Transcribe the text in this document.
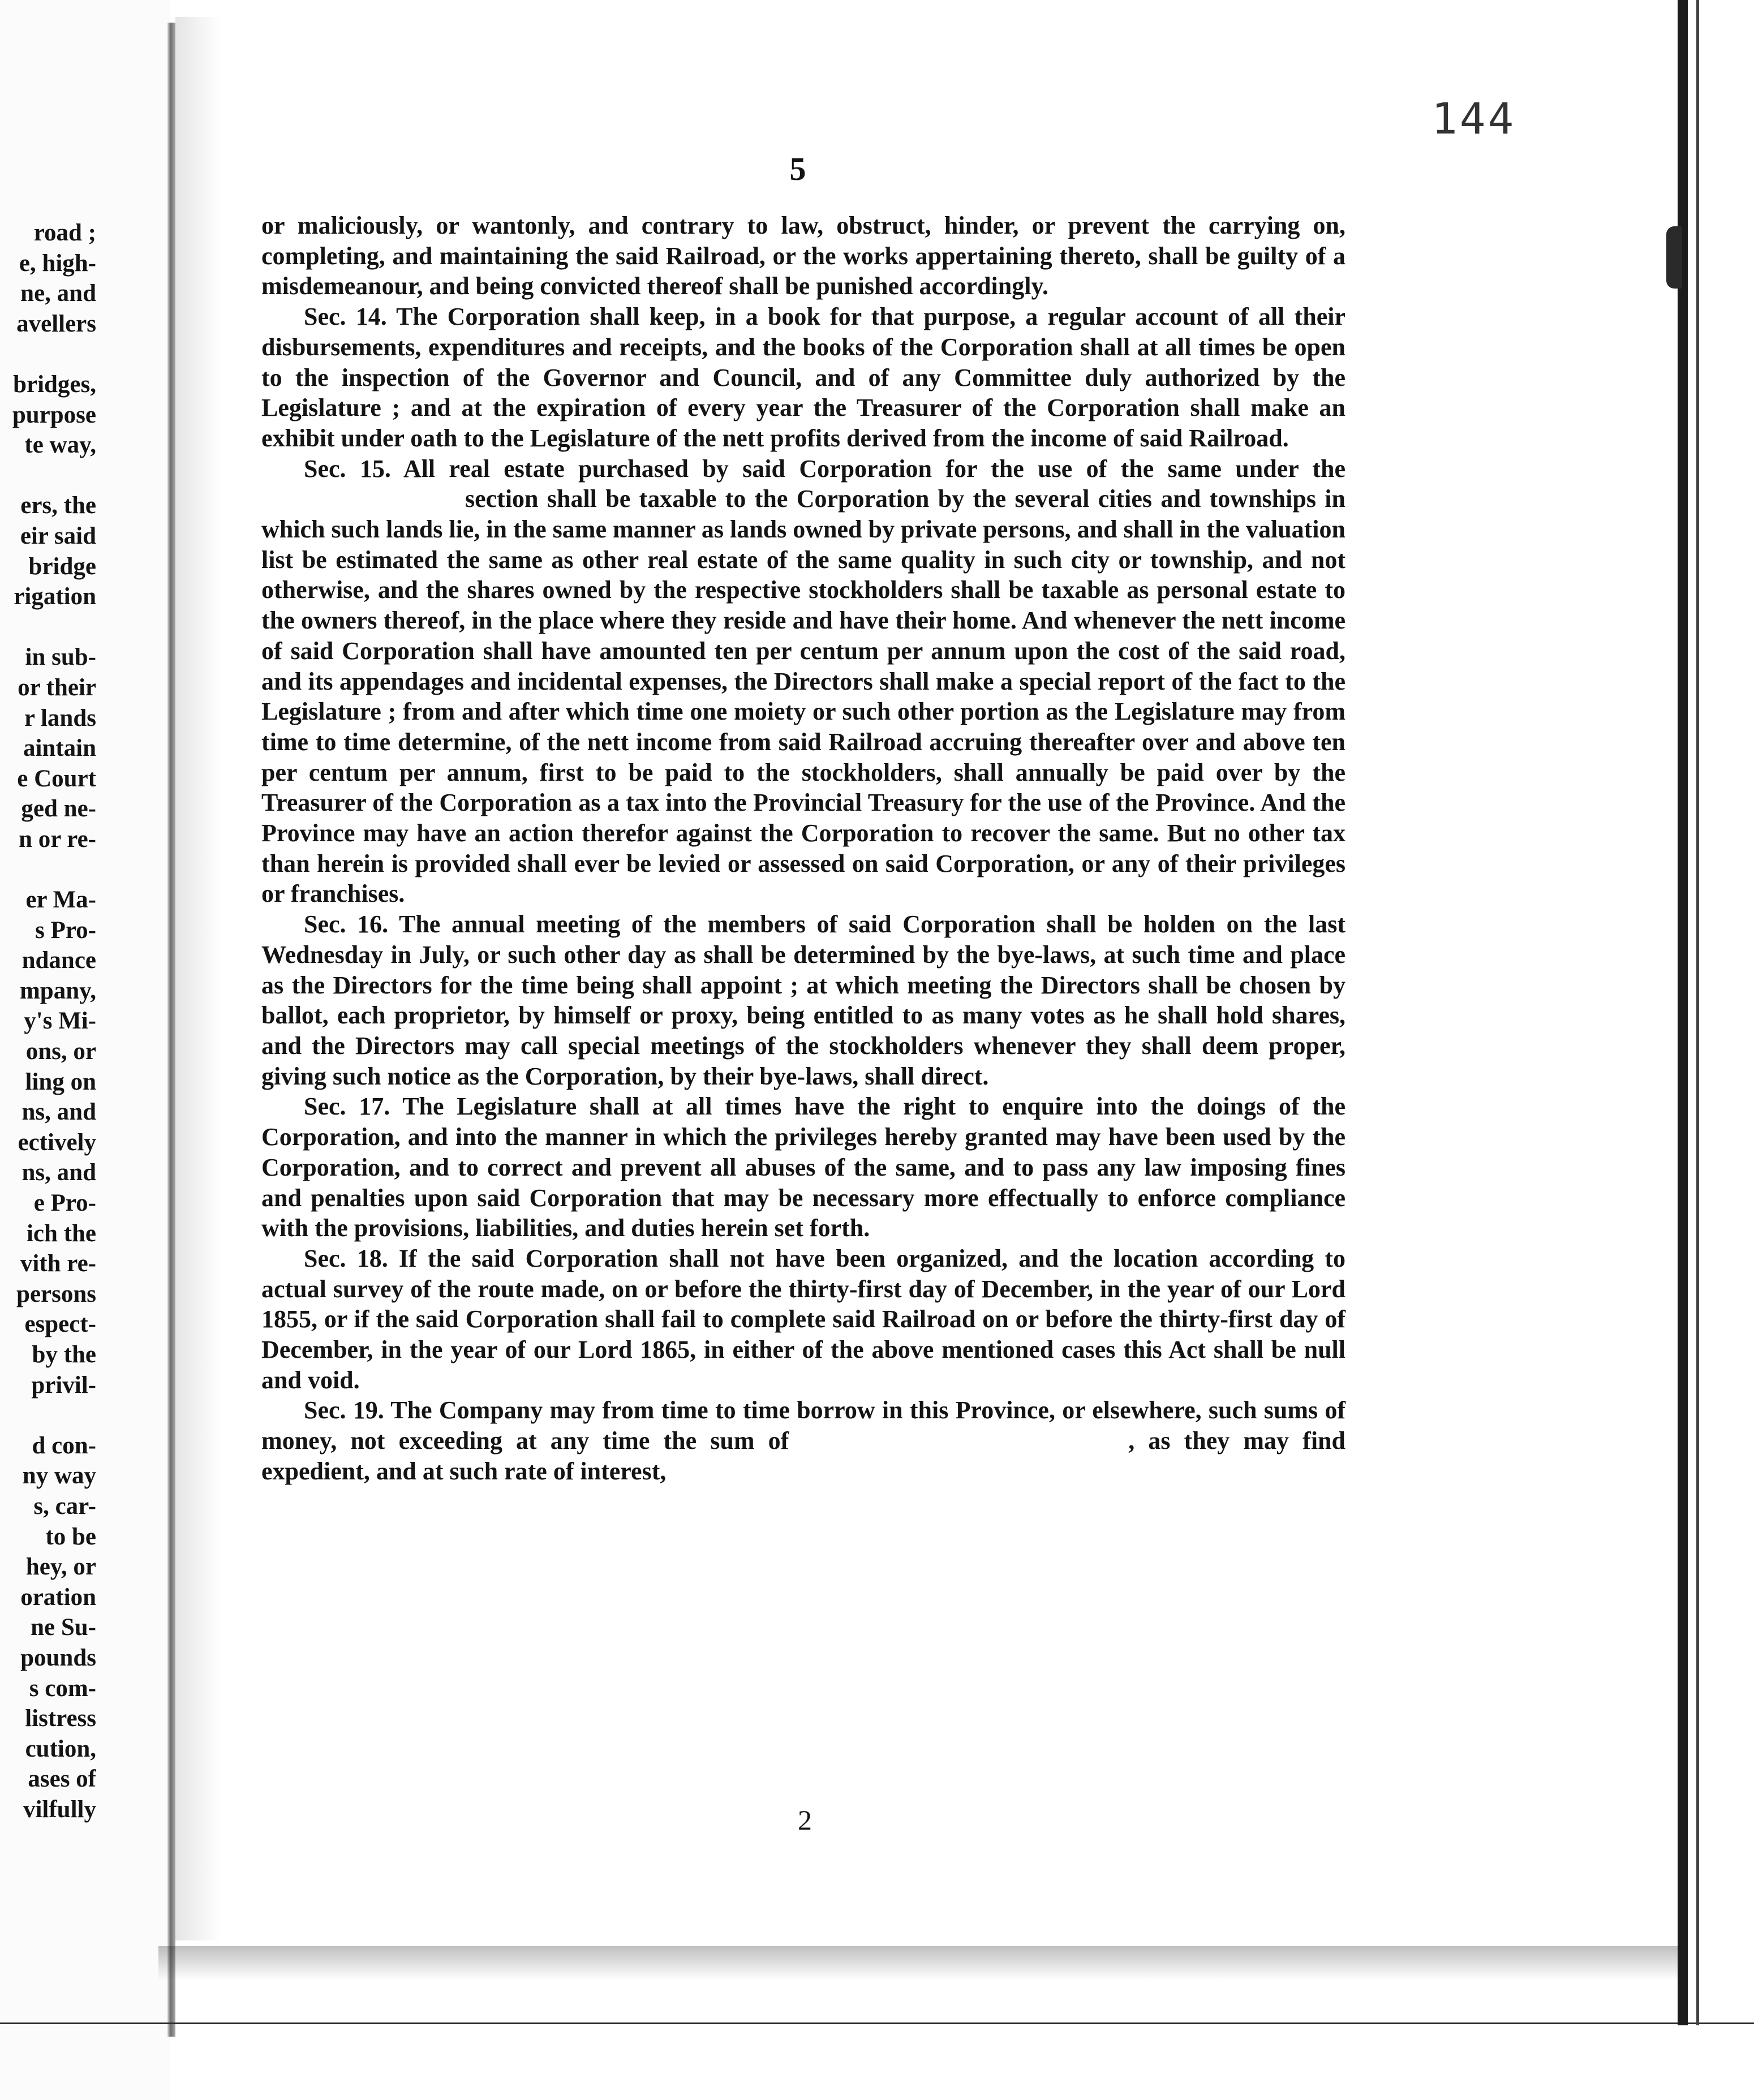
road ;
e, high-
ne, and
avellers
bridges,
purpose
te way,
ers, the
eir said
bridge
rigation
in sub-
or their
r lands
aintain
e Court
ged ne-
n or re-
er Ma-
s Pro-
ndance
mpany,
y's Mi-
ons, or
ling on
ns, and
ectively
ns, and
e Pro-
ich the
vith re-
persons
espect-
by the
privil-
d con-
ny way
s, car-
to be
hey, or
oration
ne Su-
pounds
s com-
listress
cution,
ases of
vilfully
144
5

or maliciously, or wantonly, and contrary to law, obstruct, hinder, or prevent the carrying on, completing, and maintaining the said Railroad, or the works appertaining thereto, shall be guilty of a misdemeanour, and being convicted thereof shall be punished accordingly.

Sec. 14. The Corporation shall keep, in a book for that purpose, a regular account of all their disbursements, expenditures and receipts, and the books of the Corporation shall at all times be open to the inspection of the Governor and Council, and of any Committee duly authorized by the Legislature ; and at the expiration of every year the Treasurer of the Corporation shall make an exhibit under oath to the Legislature of the nett profits derived from the income of said Railroad.

Sec. 15. All real estate purchased by said Corporation for the use of the same under thesection shall be taxable to the Corporation by the several cities and townships in which such lands lie, in the same manner as lands owned by private persons, and shall in the valuation list be estimated the same as other real estate of the same quality in such city or township, and not otherwise, and the shares owned by the respective stockholders shall be taxable as personal estate to the owners thereof, in the place where they reside and have their home. And whenever the nett income of said Corporation shall have amounted ten per centum per annum upon the cost of the said road, and its appendages and incidental expenses, the Directors shall make a special report of the fact to the Legislature ; from and after which time one moiety or such other portion as the Legislature may from time to time determine, of the nett income from said Railroad accruing thereafter over and above ten per centum per annum, first to be paid to the stockholders, shall annually be paid over by the Treasurer of the Corporation as a tax into the Provincial Treasury for the use of the Province. And the Province may have an action therefor against the Corporation to recover the same. But no other tax than herein is provided shall ever be levied or assessed on said Corporation, or any of their privileges or franchises.

Sec. 16. The annual meeting of the members of said Corporation shall be holden on the last Wednesday in July, or such other day as shall be determined by the bye-laws, at such time and place as the Directors for the time being shall appoint ; at which meeting the Directors shall be chosen by ballot, each proprietor, by himself or proxy, being entitled to as many votes as he shall hold shares, and the Directors may call special meetings of the stockholders whenever they shall deem proper, giving such notice as the Corporation, by their bye-laws, shall direct.

Sec. 17. The Legislature shall at all times have the right to enquire into the doings of the Corporation, and into the manner in which the privileges hereby granted may have been used by the Corporation, and to correct and prevent all abuses of the same, and to pass any law imposing fines and penalties upon said Corporation that may be necessary more effectually to enforce compliance with the provisions, liabilities, and duties herein set forth.

Sec. 18. If the said Corporation shall not have been organized, and the location according to actual survey of the route made, on or before the thirty-first day of December, in the year of our Lord 1855, or if the said Corporation shall fail to complete said Railroad on or before the thirty-first day of December, in the year of our Lord 1865, in either of the above mentioned cases this Act shall be null and void.

Sec. 19. The Company may from time to time borrow in this Province, or elsewhere, such sums of money, not exceeding at any time the sum of	, as they may find expedient, and at such rate of interest,

2
